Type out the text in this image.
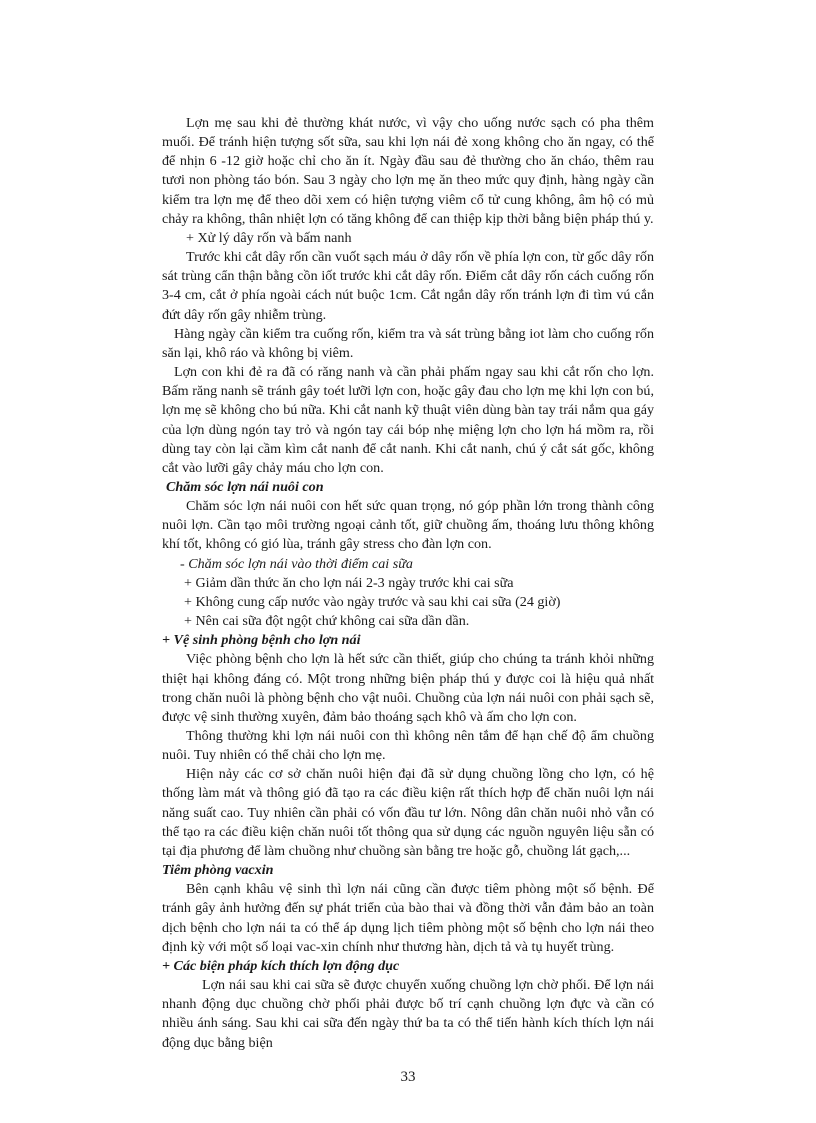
Lợn mẹ sau khi đẻ thường khát nước, vì vậy cho uống nước sạch có pha thêm muối. Để tránh hiện tượng sốt sữa, sau khi lợn nái đẻ xong không cho ăn ngay, có thể để nhịn 6 -12 giờ hoặc chỉ cho ăn ít. Ngày đầu sau đẻ thường cho ăn cháo, thêm rau tươi non phòng táo bón. Sau 3 ngày cho lợn mẹ ăn theo mức quy định, hàng ngày cần kiểm tra lợn mẹ để theo dõi xem có hiện tượng viêm cổ tử cung không, âm hộ có mủ chảy ra không, thân nhiệt lợn có tăng không để can thiệp kịp thời bằng biện pháp thú y.

+ Xử lý dây rốn và bấm nanh

Trước khi cắt dây rốn cần vuốt sạch máu ở dây rốn về phía lợn con, từ gốc dây rốn sát trùng cẩn thận bằng cồn iốt trước khi cắt dây rốn. Điểm cắt dây rốn cách cuống rốn 3-4 cm, cắt ở phía ngoài cách nút buộc 1cm. Cắt ngắn dây rốn tránh lợn đi tìm vú cắn đứt dây rốn gây nhiễm trùng.

Hàng ngày cần kiểm tra cuống rốn, kiểm tra và sát trùng bằng iot làm cho cuống rốn săn lại, khô ráo và không bị viêm.

Lợn con khi đẻ ra đã có răng nanh và cần phải phấm ngay sau khi cắt rốn cho lợn. Bấm răng nanh sẽ tránh gây toét lưỡi lợn con, hoặc gây đau cho lợn mẹ khi lợn con bú, lợn mẹ sẽ không cho bú nữa. Khi cắt nanh kỹ thuật viên dùng bàn tay trái nắm qua gáy của lợn dùng ngón tay trỏ và ngón tay cái bóp nhẹ miệng lợn cho lợn há mồm ra, rồi dùng tay còn lại cầm kìm cắt nanh để cắt nanh. Khi cắt nanh, chú ý cắt sát gốc, không cắt vào lưỡi gây chảy máu cho lợn con.

Chăm sóc lợn nái nuôi con

Chăm sóc lợn nái nuôi con hết sức quan trọng, nó góp phần lớn trong thành công nuôi lợn. Cần tạo môi trường ngoại cảnh tốt, giữ chuồng ấm, thoáng lưu thông không khí tốt, không có gió lùa, tránh gây stress cho đàn lợn con.

- Chăm sóc lợn nái vào thời điểm cai sữa

+ Giảm dần thức ăn cho lợn nái 2-3 ngày trước khi cai sữa

+ Không cung cấp nước vào ngày trước và sau khi cai sữa (24 giờ)

+ Nên cai sữa đột ngột chứ không cai sữa dần dần.

+ Vệ sinh phòng bệnh cho lợn nái

Việc phòng bệnh cho lợn là hết sức cần thiết, giúp cho chúng ta tránh khỏi những thiệt hại không đáng có. Một trong những biện pháp thú y được coi là hiệu quả nhất trong chăn nuôi là phòng bệnh cho vật nuôi. Chuồng của lợn nái nuôi con phải sạch sẽ, được vệ sinh thường xuyên, đảm bảo thoáng sạch khô và ấm cho lợn con.

Thông thường khi lợn nái nuôi con thì không nên tắm để hạn chế độ ẩm chuồng nuôi. Tuy nhiên có thể chải cho lợn mẹ.

Hiện nảy các cơ sở chăn nuôi hiện đại đã sử dụng chuồng lồng cho lợn, có hệ thống làm mát và thông gió đã tạo ra các điều kiện rất thích hợp để chăn nuôi lợn nái năng suất cao. Tuy nhiên cần phải có vốn đầu tư lớn. Nông dân chăn nuôi nhỏ vẫn có thể tạo ra các điều kiện chăn nuôi tốt thông qua sử dụng các nguồn nguyên liệu sẵn có tại địa phương để làm chuồng như chuồng sàn bằng tre hoặc gỗ, chuồng lát gạch,...

Tiêm phòng vacxin

Bên cạnh khâu vệ sinh thì lợn nái cũng cần được tiêm phòng một số bệnh. Để tránh gây ảnh hưởng đến sự phát triển của bào thai và đồng thời vẫn đảm bảo an toàn dịch bệnh cho lợn nái ta có thể áp dụng lịch tiêm phòng một số bệnh cho lợn nái theo định kỳ với một số loại vac-xin chính như thương hàn, dịch tả và tụ huyết trùng.

+ Các biện pháp kích thích lợn động dục

Lợn nái sau khi cai sữa sẽ được chuyển xuống chuồng lợn chờ phối. Để lợn nái nhanh động dục chuồng chờ phối phải được bố trí cạnh chuồng lợn đực và cần có nhiều ánh sáng. Sau khi cai sữa đến ngày thứ ba ta có thể tiến hành kích thích lợn nái động dục bằng biện

33
